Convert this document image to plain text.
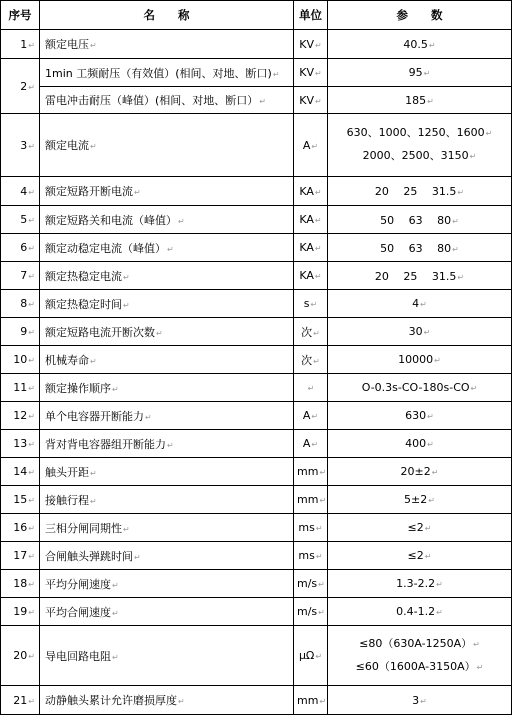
序号	名　　称	单位	参　　数
1↵	额定电压↵	KV↵	40.5↵
2↵	1min 工频耐压（有效值）(相间、对地、断口)↵	KV↵	95↵
	雷电冲击耐压（峰值）(相间、对地、断口）↵	KV↵	185↵
3↵	额定电流↵	A↵	630、1000、1250、1600↵
2000、2500、3150↵

4↵	额定短路开断电流↵	KA↵	20　 25　 31.5↵
5↵	额定短路关和电流（峰值）↵	KA↵	50　 63　 80↵
6↵	额定动稳定电流（峰值）↵	KA↵	50　 63　 80↵
7↵	额定热稳定电流↵	KA↵	20　 25　 31.5↵
8↵	额定热稳定时间↵	s↵	4↵
9↵	额定短路电流开断次数↵	次↵	30↵
10↵	机械寿命↵	次↵	10000↵
11↵	额定操作顺序↵	↵	O-0.3s-CO-180s-CO↵
12↵	单个电容器开断能力↵	A↵	630↵
13↵	背对背电容器组开断能力↵	A↵	400↵
14↵	触头开距↵	mm↵	20±2↵
15↵	接触行程↵	mm↵	5±2↵
16↵	三相分闸同期性↵	ms↵	≤2↵
17↵	合闸触头弹跳时间↵	ms↵	≤2↵
18↵	平均分闸速度↵	m/s↵	1.3-2.2↵
19↵	平均合闸速度↵	m/s↵	0.4-1.2↵
20↵	导电回路电阻↵	μΩ↵	≤80（630A-1250A）↵
≤60（1600A-3150A）↵

21↵	动静触头累计允许磨损厚度↵	mm↵	3↵
